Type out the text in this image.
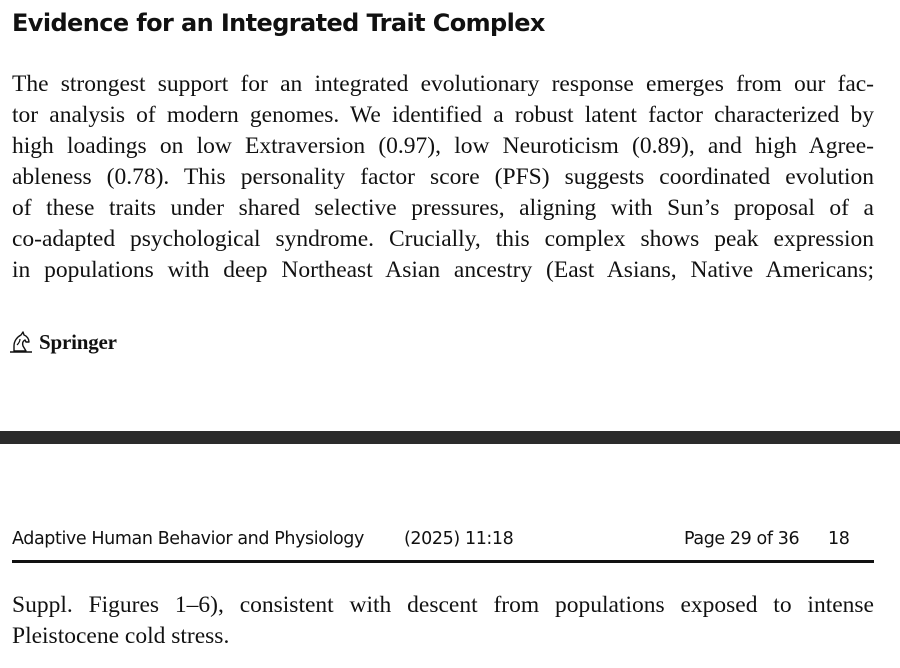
Evidence for an Integrated Trait Complex

The strongest support for an integrated evolutionary response emerges from our fac-
tor analysis of modern genomes. We identified a robust latent factor characterized by
high loadings on low Extraversion (0.97), low Neuroticism (0.89), and high Agree-
ableness (0.78). This personality factor score (PFS) suggests coordinated evolution
of these traits under shared selective pressures, aligning with Sun’s proposal of a
co-adapted psychological syndrome. Crucially, this complex shows peak expression
in populations with deep Northeast Asian ancestry (East Asians, Native Americans;

Springer
Adaptive Human Behavior and Physiology (2025) 11:18	Page 29 of 36 18

Suppl. Figures 1–6), consistent with descent from populations exposed to intense
Pleistocene cold stress.
